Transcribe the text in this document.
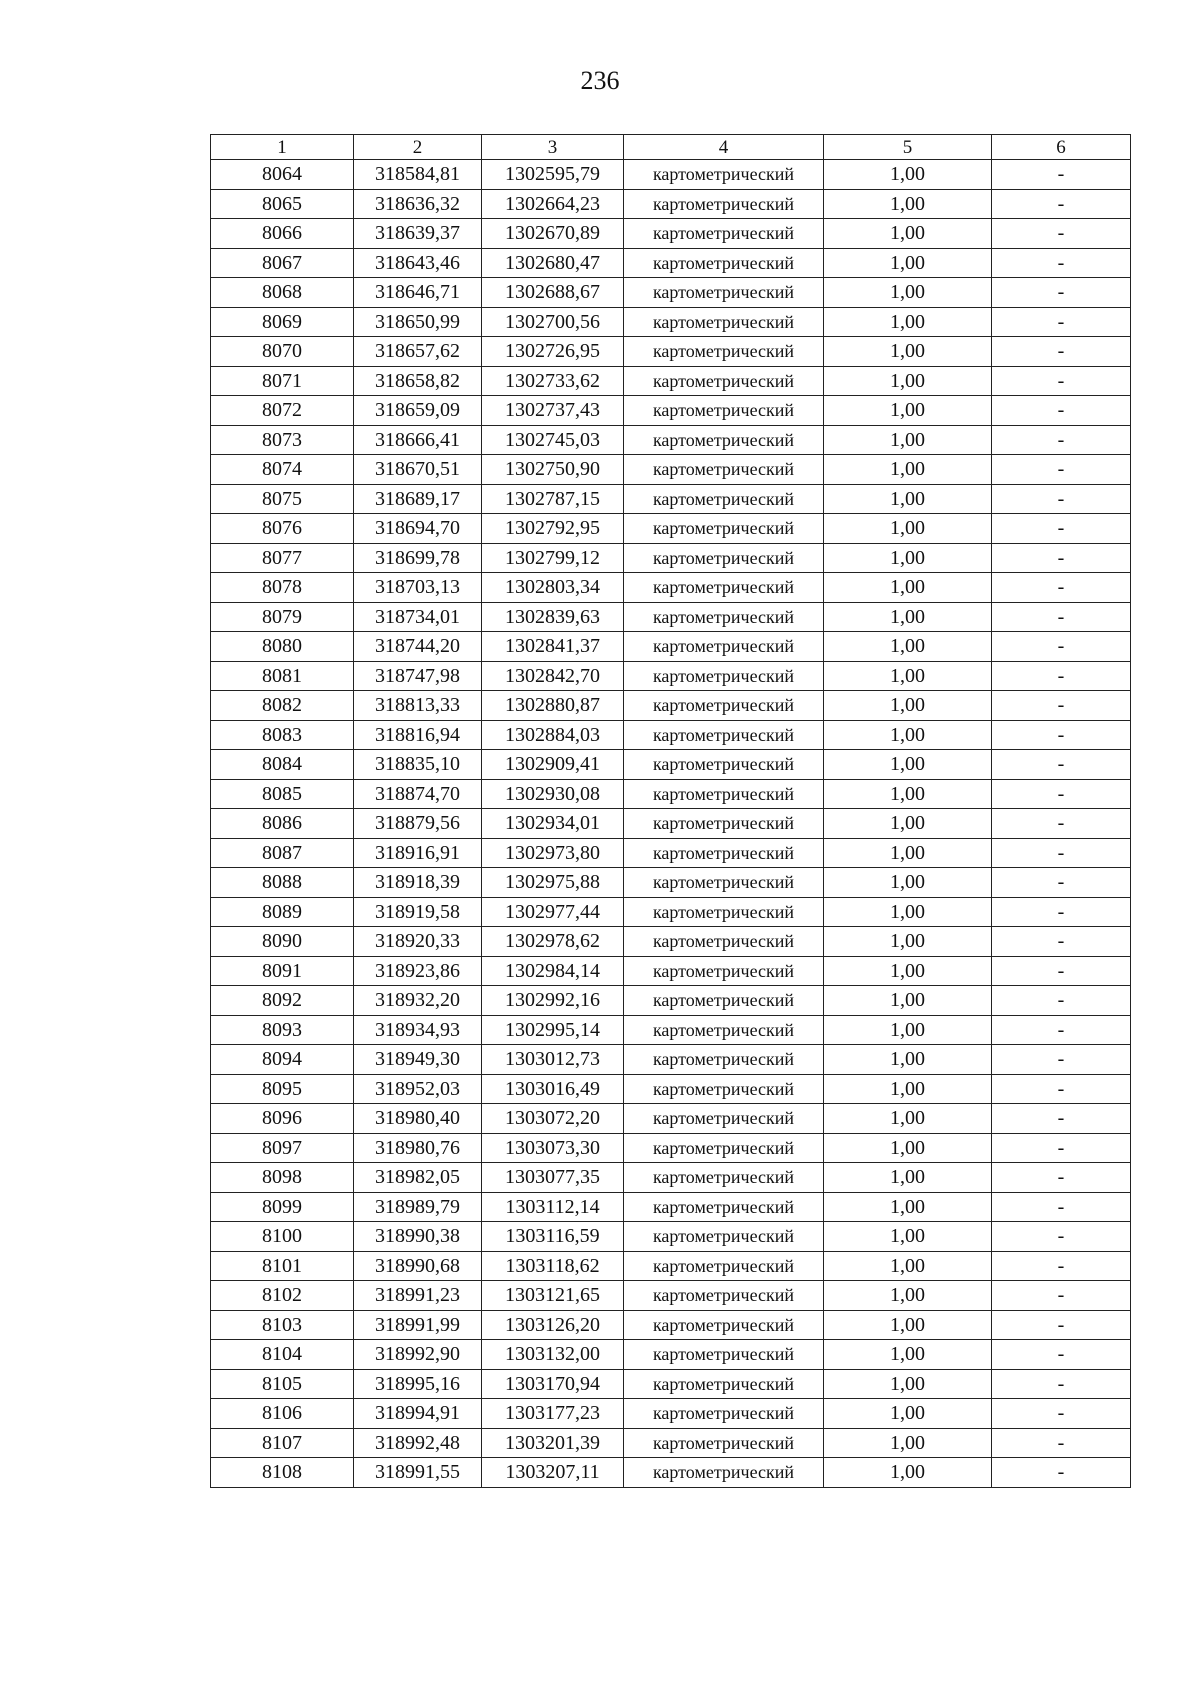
236
1	2	3	4	5	6
8064	318584,81	1302595,79	картометрический	1,00	-
8065	318636,32	1302664,23	картометрический	1,00	-
8066	318639,37	1302670,89	картометрический	1,00	-
8067	318643,46	1302680,47	картометрический	1,00	-
8068	318646,71	1302688,67	картометрический	1,00	-
8069	318650,99	1302700,56	картометрический	1,00	-
8070	318657,62	1302726,95	картометрический	1,00	-
8071	318658,82	1302733,62	картометрический	1,00	-
8072	318659,09	1302737,43	картометрический	1,00	-
8073	318666,41	1302745,03	картометрический	1,00	-
8074	318670,51	1302750,90	картометрический	1,00	-
8075	318689,17	1302787,15	картометрический	1,00	-
8076	318694,70	1302792,95	картометрический	1,00	-
8077	318699,78	1302799,12	картометрический	1,00	-
8078	318703,13	1302803,34	картометрический	1,00	-
8079	318734,01	1302839,63	картометрический	1,00	-
8080	318744,20	1302841,37	картометрический	1,00	-
8081	318747,98	1302842,70	картометрический	1,00	-
8082	318813,33	1302880,87	картометрический	1,00	-
8083	318816,94	1302884,03	картометрический	1,00	-
8084	318835,10	1302909,41	картометрический	1,00	-
8085	318874,70	1302930,08	картометрический	1,00	-
8086	318879,56	1302934,01	картометрический	1,00	-
8087	318916,91	1302973,80	картометрический	1,00	-
8088	318918,39	1302975,88	картометрический	1,00	-
8089	318919,58	1302977,44	картометрический	1,00	-
8090	318920,33	1302978,62	картометрический	1,00	-
8091	318923,86	1302984,14	картометрический	1,00	-
8092	318932,20	1302992,16	картометрический	1,00	-
8093	318934,93	1302995,14	картометрический	1,00	-
8094	318949,30	1303012,73	картометрический	1,00	-
8095	318952,03	1303016,49	картометрический	1,00	-
8096	318980,40	1303072,20	картометрический	1,00	-
8097	318980,76	1303073,30	картометрический	1,00	-
8098	318982,05	1303077,35	картометрический	1,00	-
8099	318989,79	1303112,14	картометрический	1,00	-
8100	318990,38	1303116,59	картометрический	1,00	-
8101	318990,68	1303118,62	картометрический	1,00	-
8102	318991,23	1303121,65	картометрический	1,00	-
8103	318991,99	1303126,20	картометрический	1,00	-
8104	318992,90	1303132,00	картометрический	1,00	-
8105	318995,16	1303170,94	картометрический	1,00	-
8106	318994,91	1303177,23	картометрический	1,00	-
8107	318992,48	1303201,39	картометрический	1,00	-
8108	318991,55	1303207,11	картометрический	1,00	-
